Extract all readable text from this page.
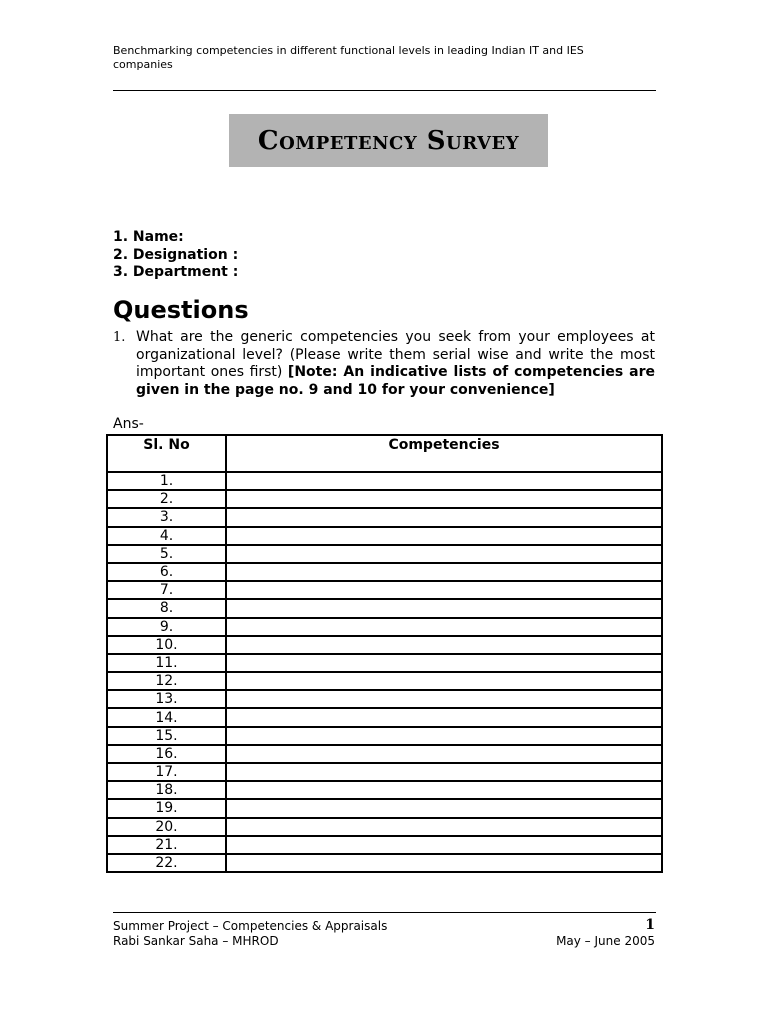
Benchmarking competencies in different functional levels in leading Indian IT and IES companies
Competency Survey
1. Name:
2. Designation :
3. Department :
Questions
1. What are the generic competencies you seek from your employees at organizational level? (Please write them serial wise and write the most important ones first) [Note: An indicative lists of competencies are given in the page no. 9 and 10 for your convenience]
Ans-
Sl. No	Competencies
1.	
2.	
3.	
4.	
5.	
6.	
7.	
8.	
9.	
10.	
11.	
12.	
13.	
14.	
15.	
16.	
17.	
18.	
19.	
20.	
21.	
22.	
Summer Project – Competencies & Appraisals
Rabi Sankar Saha – MHROD
1
May – June 2005
